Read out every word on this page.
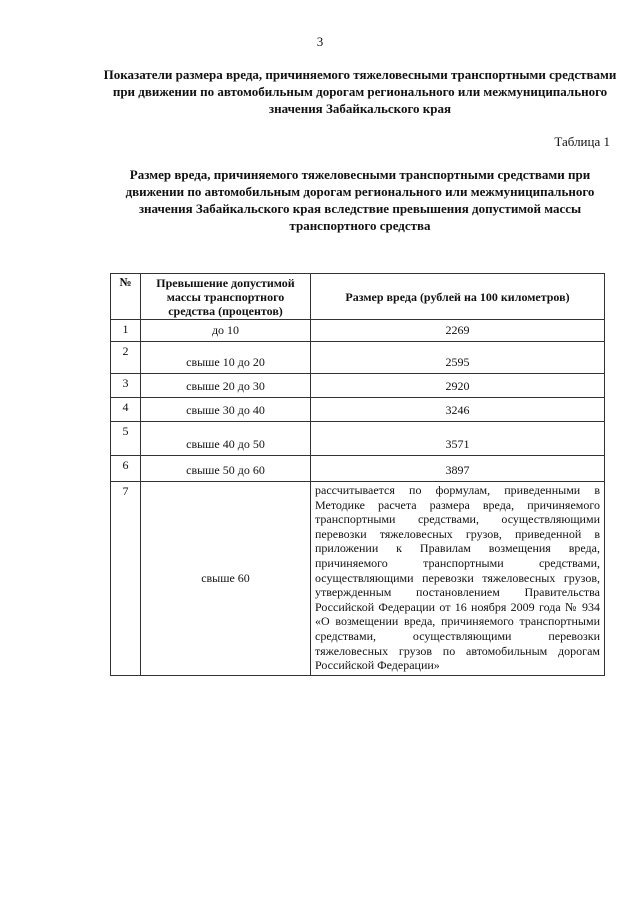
3
Показатели размера вреда, причиняемого тяжеловесными транспортными средствами при движении по автомобильным дорогам регионального или межмуниципального значения Забайкальского края
Таблица 1
Размер вреда, причиняемого тяжеловесными транспортными средствами при движении по автомобильным дорогам регионального или межмуниципального значения Забайкальского края вследствие превышения допустимой массы транспортного средства
№	Превышение допустимой массы транспортного средства (процентов)	Размер вреда (рублей на 100 километров)
1	до 10	2269
2	свыше 10 до 20	2595
3	свыше 20 до 30	2920
4	свыше 30 до 40	3246
5	свыше 40 до 50	3571
6	свыше 50 до 60	3897
7	свыше 60	рассчитывается по формулам, приведенными в Методике расчета размера вреда, причиняемого транспортными средствами, осуществляющими перевозки тяжеловесных грузов, приведенной в приложении к Правилам возмещения вреда, причиняемого транспортными средствами, осуществляющими перевозки тяжеловесных грузов, утвержденным постановлением Правительства Российской Федерации от 16 ноября 2009 года № 934 «О возмещении вреда, причиняемого транспортными средствами, осуществляющими перевозки тяжеловесных грузов по автомобильным дорогам Российской Федерации»
